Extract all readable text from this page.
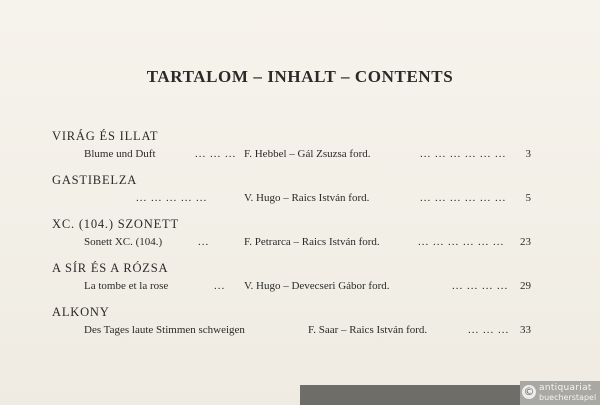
TARTALOM – INHALT – CONTENTS
VIRÁG ÉS ILLAT
Blume und Duft	... ... ... F. Hebbel – Gál Zsuzsa ford.	... ... ... ... ... ... 3
GASTIBELZA
... ... ... ... ...	V. Hugo – Raics István ford.	... ... ... ... ... ... 5
XC. (104.) SZONETT
Sonett XC. (104.)	...	F. Petrarca – Raics István ford.	... ... ... ... ... ... 23
A SÍR ÉS A RÓZSA
La tombe et la rose	... V. Hugo – Devecseri Gábor ford.	... ... ... ... 29
ALKONY
Des Tages laute Stimmen schweigen	F. Saar – Raics István ford.	... ... ... 33
© antiquariat
buecherstapel
